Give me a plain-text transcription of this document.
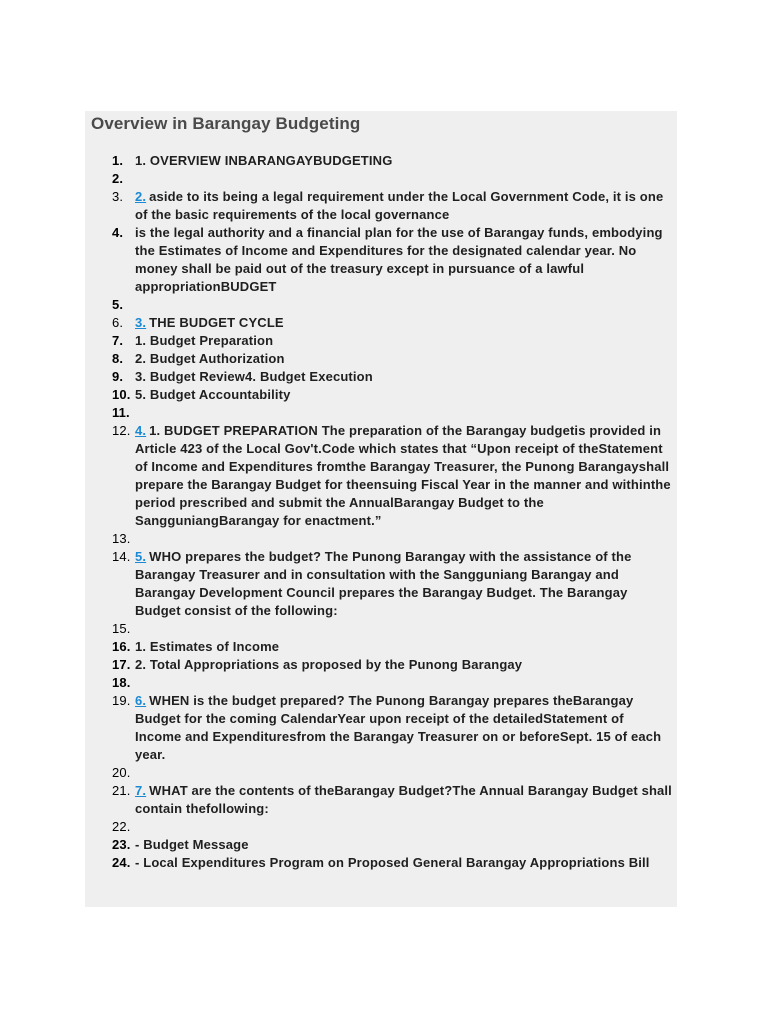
Overview in Barangay Budgeting
1. 1. OVERVIEW INBARANGAYBUDGETING
2.

3. 2. aside to its being a legal requirement under the Local Government Code, it is one of the basic requirements of the local governance
4. is the legal authority and a financial plan for the use of Barangay funds, embodying the Estimates of Income and Expenditures for the designated calendar year. No money shall be paid out of the treasury except in pursuance of a lawful appropriationBUDGET
5.

6. 3. THE BUDGET CYCLE
7. 1. Budget Preparation
8. 2. Budget Authorization
9. 3. Budget Review4. Budget Execution
10. 5. Budget Accountability
11.

12. 4. 1. BUDGET PREPARATION The preparation of the Barangay budgetis provided in Article 423 of the Local Gov't.Code which states that “Upon receipt of theStatement of Income and Expenditures fromthe Barangay Treasurer, the Punong Barangayshall prepare the Barangay Budget for theensuing Fiscal Year in the manner and withinthe period prescribed and submit the AnnualBarangay Budget to the SangguniangBarangay for enactment.”
13.

14. 5. WHO prepares the budget? The Punong Barangay with the assistance of the Barangay Treasurer and in consultation with the Sangguniang Barangay and Barangay Development Council prepares the Barangay Budget. The Barangay Budget consist of the following:
15.

16. 1. Estimates of Income
17. 2. Total Appropriations as proposed by the Punong Barangay
18.

19. 6. WHEN is the budget prepared? The Punong Barangay prepares theBarangay Budget for the coming CalendarYear upon receipt of the detailedStatement of Income and Expendituresfrom the Barangay Treasurer on or beforeSept. 15 of each year.
20.

21. 7. WHAT are the contents of theBarangay Budget?The Annual Barangay Budget shall contain thefollowing:
22.

23. - Budget Message
24. - Local Expenditures Program on Proposed General Barangay Appropriations Bill
